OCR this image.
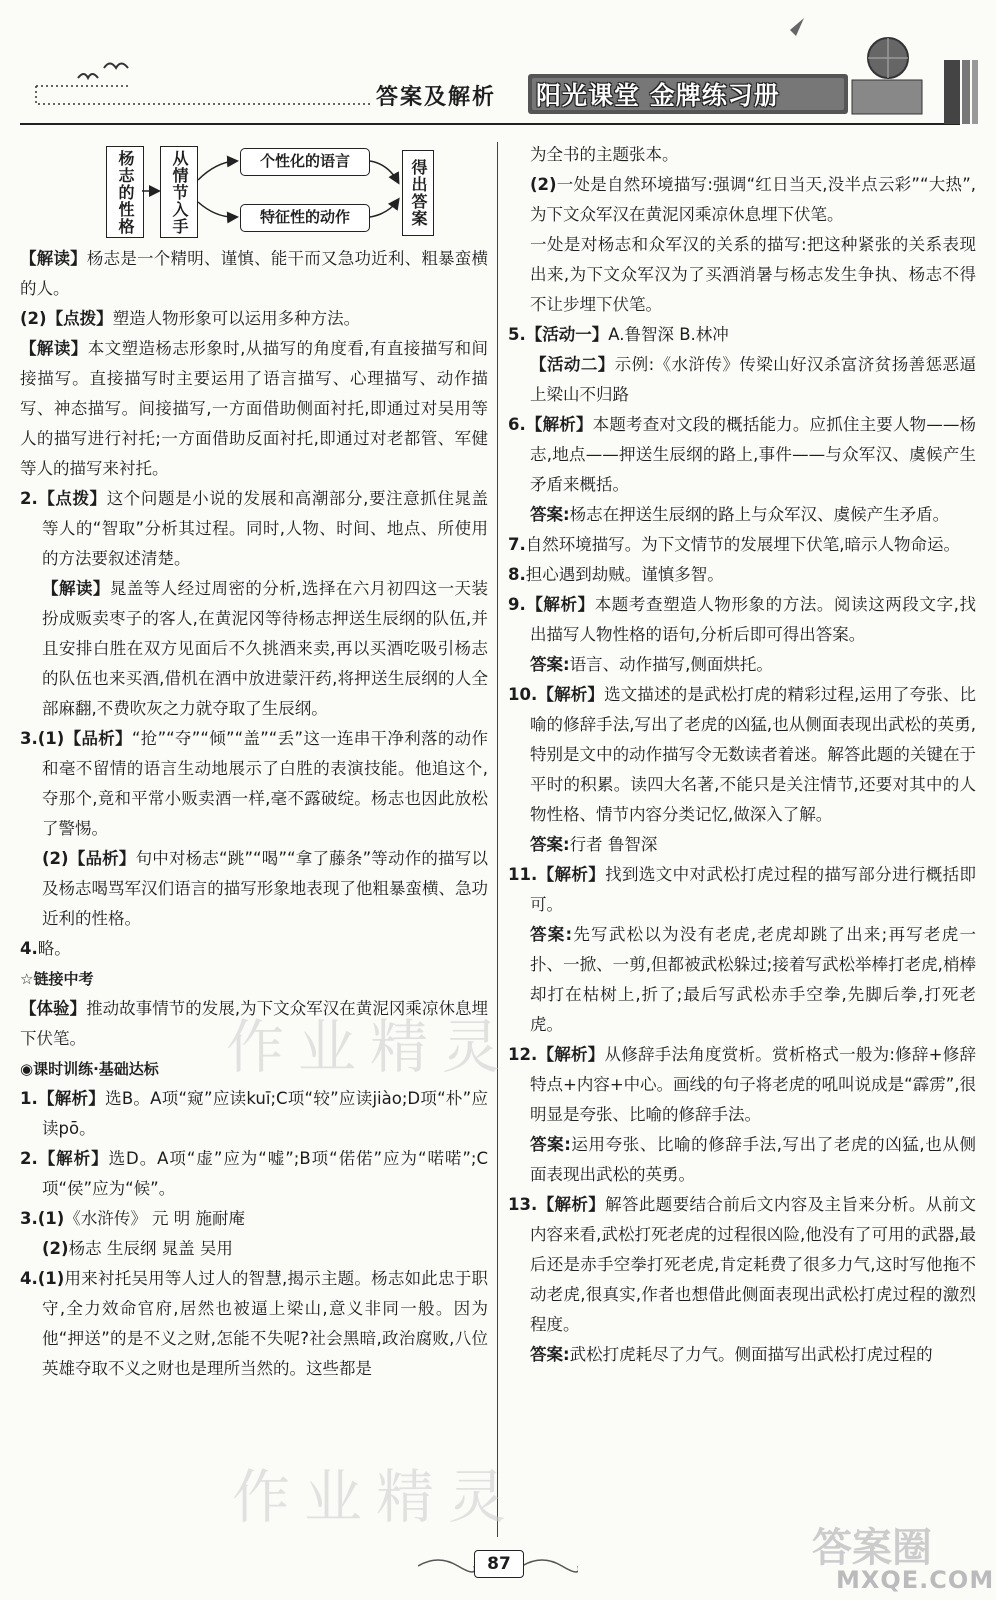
答案及解析 阳光课堂 金牌练习册
杨志的性格	从情节入手	个性化的语言
特征性的动作	得出答案

【解读】杨志是一个精明、谨慎、能干而又急功近利、粗暴蛮横的人。

(2)【点拨】塑造人物形象可以运用多种方法。

【解读】本文塑造杨志形象时,从描写的角度看,有直接描写和间接描写。直接描写时主要运用了语言描写、心理描写、动作描写、神态描写。间接描写,一方面借助侧面衬托,即通过对吴用等人的描写进行衬托;一方面借助反面衬托,即通过对老都管、军健等人的描写来衬托。

2.【点拨】这个问题是小说的发展和高潮部分,要注意抓住晁盖等人的“智取”分析其过程。同时,人物、时间、地点、所使用的方法要叙述清楚。

【解读】晁盖等人经过周密的分析,选择在六月初四这一天装扮成贩卖枣子的客人,在黄泥冈等待杨志押送生辰纲的队伍,并且安排白胜在双方见面后不久挑酒来卖,再以买酒吃吸引杨志的队伍也来买酒,借机在酒中放进蒙汗药,将押送生辰纲的人全部麻翻,不费吹灰之力就夺取了生辰纲。

3.(1)【品析】“抢”“夺”“倾”“盖”“丢”这一连串干净利落的动作和毫不留情的语言生动地展示了白胜的表演技能。他追这个,夺那个,竟和平常小贩卖酒一样,毫不露破绽。杨志也因此放松了警惕。

(2)【品析】句中对杨志“跳”“喝”“拿了藤条”等动作的描写以及杨志喝骂军汉们语言的描写形象地表现了他粗暴蛮横、急功近利的性格。

4.略。

☆链接中考

【体验】推动故事情节的发展,为下文众军汉在黄泥冈乘凉休息埋下伏笔。

◉课时训练·基础达标

1.【解析】选B。A项“窥”应读kuī;C项“较”应读jiào;D项“朴”应读pō。

2.【解析】选D。A项“虚”应为“嘘”;B项“偌偌”应为“喏喏”;C项“侯”应为“候”。

3.(1)《水浒传》 元 明 施耐庵

(2)杨志 生辰纲 晁盖 吴用

4.(1)用来衬托吴用等人过人的智慧,揭示主题。杨志如此忠于职守,全力效命官府,居然也被逼上梁山,意义非同一般。因为他“押送”的是不义之财,怎能不失呢?社会黑暗,政治腐败,八位英雄夺取不义之财也是理所当然的。这些都是

为全书的主题张本。

(2)一处是自然环境描写:强调“红日当天,没半点云彩”“大热”,为下文众军汉在黄泥冈乘凉休息埋下伏笔。

一处是对杨志和众军汉的关系的描写:把这种紧张的关系表现出来,为下文众军汉为了买酒消暑与杨志发生争执、杨志不得不让步埋下伏笔。

5.【活动一】A.鲁智深 B.林冲

【活动二】示例:《水浒传》传梁山好汉杀富济贫扬善惩恶逼上梁山不归路

6.【解析】本题考查对文段的概括能力。应抓住主要人物——杨志,地点——押送生辰纲的路上,事件——与众军汉、虞候产生矛盾来概括。

答案:杨志在押送生辰纲的路上与众军汉、虞候产生矛盾。

7.自然环境描写。为下文情节的发展埋下伏笔,暗示人物命运。

8.担心遇到劫贼。谨慎多智。

9.【解析】本题考查塑造人物形象的方法。阅读这两段文字,找出描写人物性格的语句,分析后即可得出答案。

答案:语言、动作描写,侧面烘托。

10.【解析】选文描述的是武松打虎的精彩过程,运用了夸张、比喻的修辞手法,写出了老虎的凶猛,也从侧面表现出武松的英勇,特别是文中的动作描写令无数读者着迷。解答此题的关键在于平时的积累。读四大名著,不能只是关注情节,还要对其中的人物性格、情节内容分类记忆,做深入了解。

答案:行者 鲁智深

11.【解析】找到选文中对武松打虎过程的描写部分进行概括即可。

答案:先写武松以为没有老虎,老虎却跳了出来;再写老虎一扑、一掀、一剪,但都被武松躲过;接着写武松举棒打老虎,梢棒却打在枯树上,折了;最后写武松赤手空拳,先脚后拳,打死老虎。

12.【解析】从修辞手法角度赏析。赏析格式一般为:修辞+修辞特点+内容+中心。画线的句子将老虎的吼叫说成是“霹雳”,很明显是夸张、比喻的修辞手法。

答案:运用夸张、比喻的修辞手法,写出了老虎的凶猛,也从侧面表现出武松的英勇。

13.【解析】解答此题要结合前后文内容及主旨来分析。从前文内容来看,武松打死老虎的过程很凶险,他没有了可用的武器,最后还是赤手空拳打死老虎,肯定耗费了很多力气,这时写他拖不动老虎,很真实,作者也想借此侧面表现出武松打虎过程的激烈程度。

答案:武松打虎耗尽了力气。侧面描写出武松打虎过程的

作业精灵
作业精灵
答案圈
MXQE.COM
87
